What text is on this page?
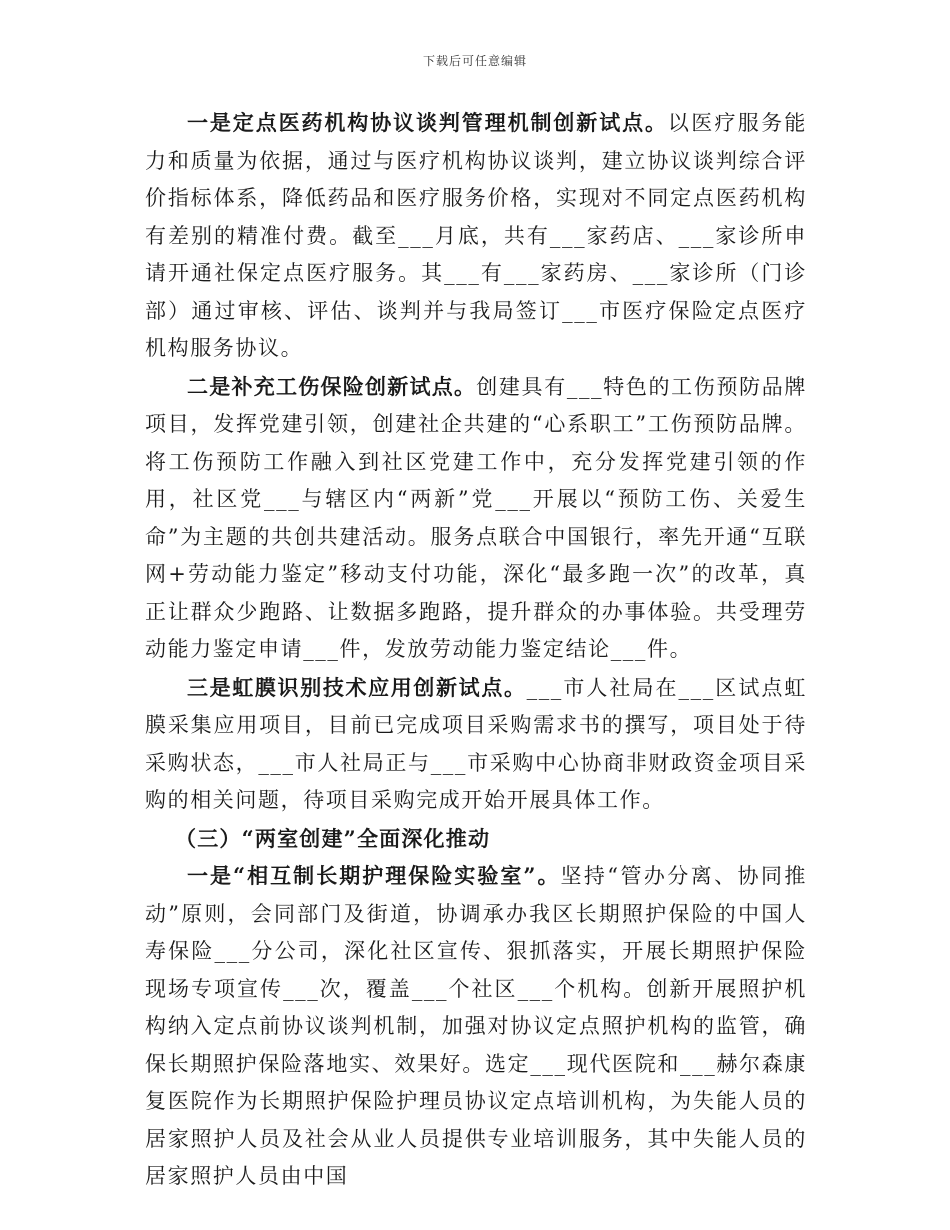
下载后可任意编辑

一是定点医药机构协议谈判管理机制创新试点。以医疗服务能力和质量为依据，通过与医疗机构协议谈判，建立协议谈判综合评价指标体系，降低药品和医疗服务价格，实现对不同定点医药机构有差别的精准付费。截至___月底，共有___家药店、___家诊所申请开通社保定点医疗服务。其___有___家药房、___家诊所（门诊部）通过审核、评估、谈判并与我局签订___市医疗保险定点医疗机构服务协议。

二是补充工伤保险创新试点。创建具有___特色的工伤预防品牌项目，发挥党建引领，创建社企共建的“心系职工”工伤预防品牌。将工伤预防工作融入到社区党建工作中，充分发挥党建引领的作用，社区党___与辖区内“两新”党___开展以“预防工伤、关爱生命”为主题的共创共建活动。服务点联合中国银行，率先开通“互联网+劳动能力鉴定”移动支付功能，深化“最多跑一次”的改革，真正让群众少跑路、让数据多跑路，提升群众的办事体验。共受理劳动能力鉴定申请___件，发放劳动能力鉴定结论___件。

三是虹膜识别技术应用创新试点。___市人社局在___区试点虹膜采集应用项目，目前已完成项目采购需求书的撰写，项目处于待采购状态，___市人社局正与___市采购中心协商非财政资金项目采购的相关问题，待项目采购完成开始开展具体工作。

（三）“两室创建”全面深化推动

一是“相互制长期护理保险实验室”。坚持“管办分离、协同推动”原则，会同部门及街道，协调承办我区长期照护保险的中国人寿保险___分公司，深化社区宣传、狠抓落实，开展长期照护保险现场专项宣传___次，覆盖___个社区___个机构。创新开展照护机构纳入定点前协议谈判机制，加强对协议定点照护机构的监管，确保长期照护保险落地实、效果好。选定___现代医院和___赫尔森康复医院作为长期照护保险护理员协议定点培训机构，为失能人员的居家照护人员及社会从业人员提供专业培训服务，其中失能人员的居家照护人员由中国
